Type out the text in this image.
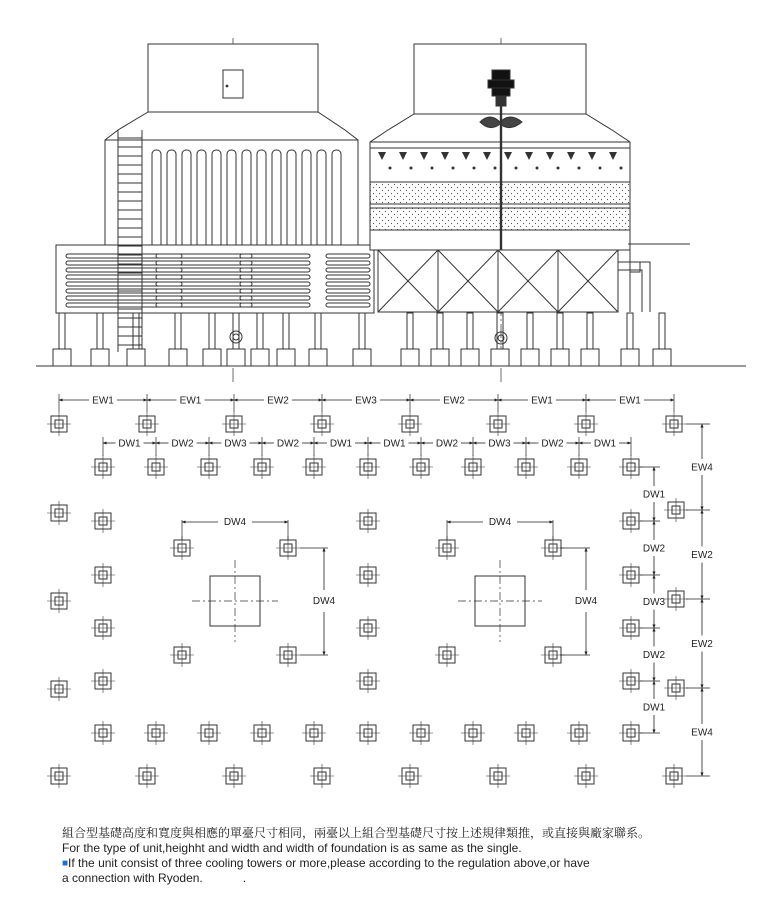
EW1	EW1	EW2	EW3	EW2	EW1	EW1
DW1	DW2	DW3	DW2	DW1	DW1	DW2	DW3	DW2	DW1
DW4
DW4
DW4
DW4
DW1
DW2
DW3
DW2
DW1
EW4
EW2
EW2
EW4
組合型基礎高度和寬度與相應的單臺尺寸相同，兩臺以上組合型基礎尺寸按上述規律類推，或直接與廠家聯系。
For the type of unit,heighht and width and width of foundation is as same as the single.
■If the unit consist of three cooling towers or more,please according to the regulation above,or have
a connection with Ryoden.	.
